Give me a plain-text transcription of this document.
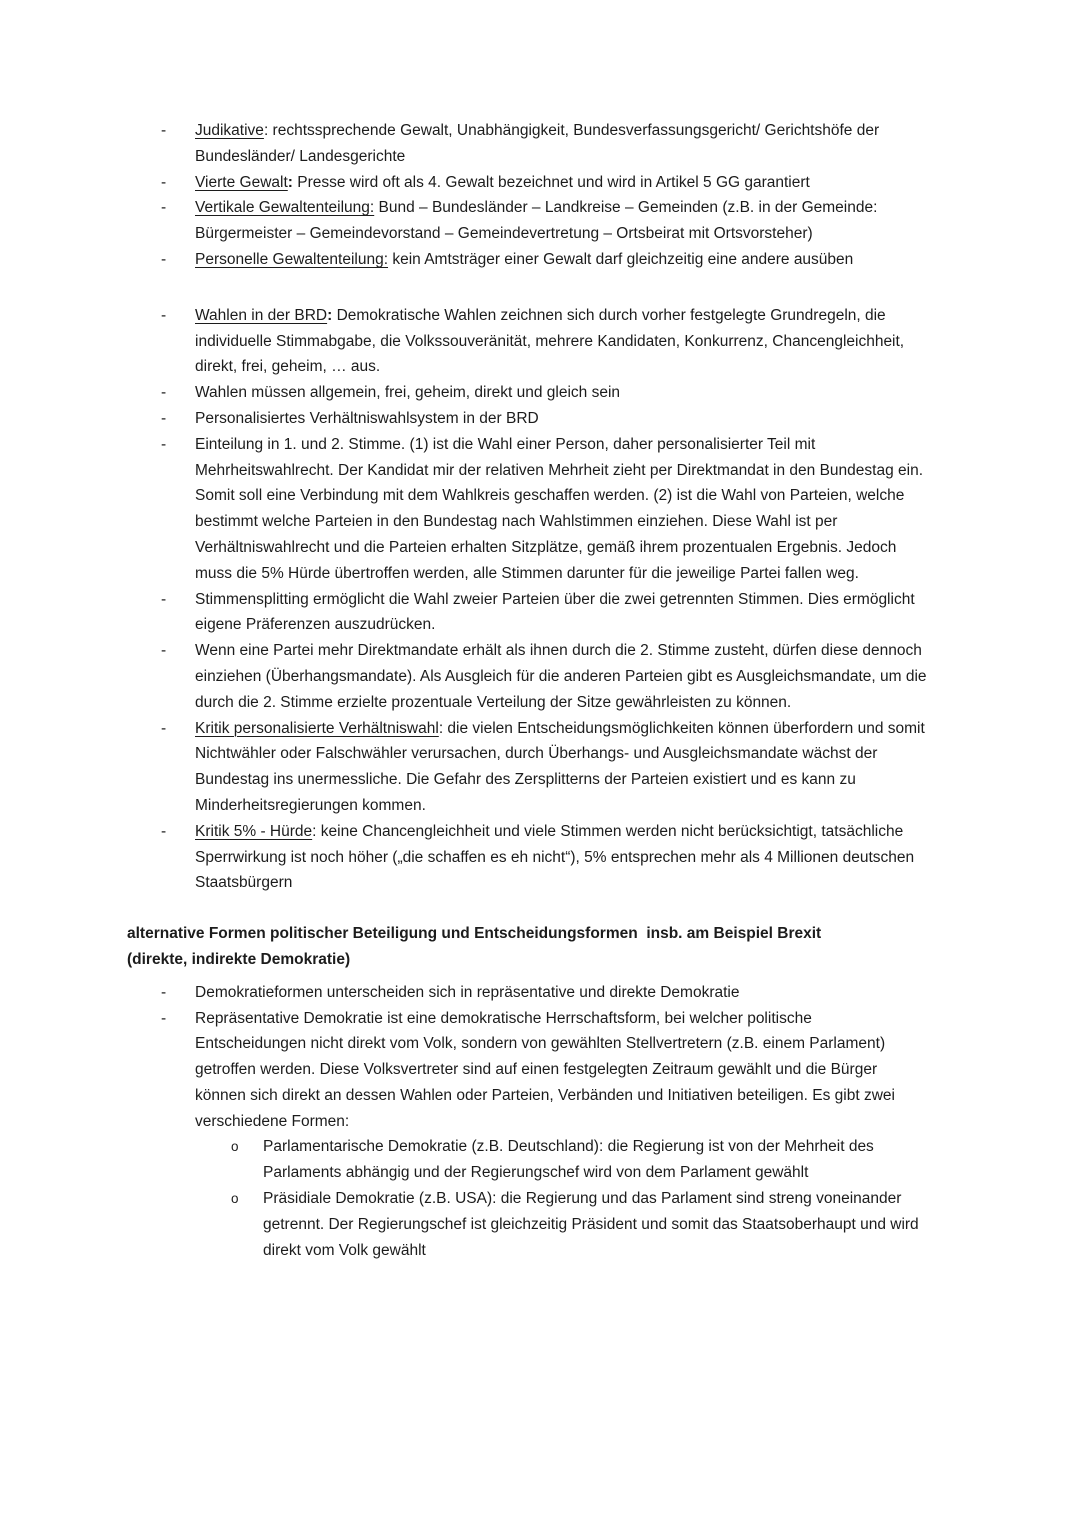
- Judikative: rechtssprechende Gewalt, Unabhängigkeit, Bundesverfassungsgericht/ Gerichtshöfe der Bundesländer/ Landesgerichte
- Vierte Gewalt: Presse wird oft als 4. Gewalt bezeichnet und wird in Artikel 5 GG garantiert
- Vertikale Gewaltenteilung: Bund – Bundesländer – Landkreise – Gemeinden (z.B. in der Gemeinde: Bürgermeister – Gemeindevorstand – Gemeindevertretung – Ortsbeirat mit Ortsvorsteher)
- Personelle Gewaltenteilung: kein Amtsträger einer Gewalt darf gleichzeitig eine andere ausüben
- Wahlen in der BRD: Demokratische Wahlen zeichnen sich durch vorher festgelegte Grundregeln, die individuelle Stimmabgabe, die Volkssouveränität, mehrere Kandidaten, Konkurrenz, Chancengleichheit, direkt, frei, geheim, … aus.
- Wahlen müssen allgemein, frei, geheim, direkt und gleich sein
- Personalisiertes Verhältniswahlsystem in der BRD
- Einteilung in 1. und 2. Stimme. (1) ist die Wahl einer Person, daher personalisierter Teil mit Mehrheitswahlrecht. Der Kandidat mir der relativen Mehrheit zieht per Direktmandat in den Bundestag ein. Somit soll eine Verbindung mit dem Wahlkreis geschaffen werden. (2) ist die Wahl von Parteien, welche bestimmt welche Parteien in den Bundestag nach Wahlstimmen einziehen. Diese Wahl ist per Verhältniswahlrecht und die Parteien erhalten Sitzplätze, gemäß ihrem prozentualen Ergebnis. Jedoch muss die 5% Hürde übertroffen werden, alle Stimmen darunter für die jeweilige Partei fallen weg.
- Stimmensplitting ermöglicht die Wahl zweier Parteien über die zwei getrennten Stimmen. Dies ermöglicht eigene Präferenzen auszudrücken.
- Wenn eine Partei mehr Direktmandate erhält als ihnen durch die 2. Stimme zusteht, dürfen diese dennoch einziehen (Überhangsmandate). Als Ausgleich für die anderen Parteien gibt es Ausgleichsmandate, um die durch die 2. Stimme erzielte prozentuale Verteilung der Sitze gewährleisten zu können.
- Kritik personalisierte Verhältniswahl: die vielen Entscheidungsmöglichkeiten können überfordern und somit Nichtwähler oder Falschwähler verursachen, durch Überhangs- und Ausgleichsmandate wächst der Bundestag ins unermessliche. Die Gefahr des Zersplitterns der Parteien existiert und es kann zu Minderheitsregierungen kommen.
- Kritik 5% - Hürde: keine Chancengleichheit und viele Stimmen werden nicht berücksichtigt, tatsächliche Sperrwirkung ist noch höher („die schaffen es eh nicht“), 5% entsprechen mehr als 4 Millionen deutschen Staatsbürgern
alternative Formen politischer Beteiligung und Entscheidungsformen  insb. am Beispiel Brexit
(direkte, indirekte Demokratie)
- Demokratieformen unterscheiden sich in repräsentative und direkte Demokratie
- Repräsentative Demokratie ist eine demokratische Herrschaftsform, bei welcher politische Entscheidungen nicht direkt vom Volk, sondern von gewählten Stellvertretern (z.B. einem Parlament) getroffen werden. Diese Volksvertreter sind auf einen festgelegten Zeitraum gewählt und die Bürger können sich direkt an dessen Wahlen oder Parteien, Verbänden und Initiativen beteiligen. Es gibt zwei verschiedene Formen:
o Parlamentarische Demokratie (z.B. Deutschland): die Regierung ist von der Mehrheit des Parlaments abhängig und der Regierungschef wird von dem Parlament gewählt
o Präsidiale Demokratie (z.B. USA): die Regierung und das Parlament sind streng voneinander getrennt. Der Regierungschef ist gleichzeitig Präsident und somit das Staatsoberhaupt und wird direkt vom Volk gewählt
